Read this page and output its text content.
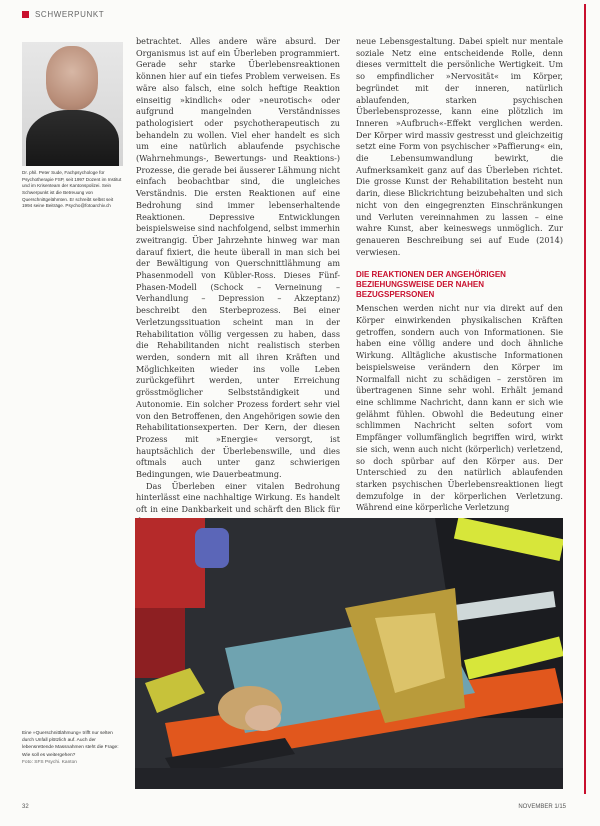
SCHWERPUNKT
Dr. phil. Peter Sude, Fachpsychologe für Psychotherapie FSP, seit 1997 Dozent im Institut und im Krisenteam der Kantonspolizei. Sein Schwerpunkt ist die Betreuung von Querschnittgelähmten. Er schreibt selbst seit 1994 seine Beiträge. Psycho@fotoarchiv.ch

betrachtet. Alles andere wäre absurd. Der Organismus ist auf ein Überleben programmiert. Gerade sehr starke Überlebensreaktionen können hier auf ein tiefes Problem verweisen. Es wäre also falsch, eine solch heftige Reaktion einseitig »kindlich« oder »neurotisch« oder aufgrund mangelnden Verständnisses pathologisiert oder psychotherapeutisch zu behandeln zu wollen. Viel eher handelt es sich um eine natürlich ablaufende psychische (Wahrnehmungs-, Bewertungs- und Reaktions-) Prozesse, die gerade bei äusserer Lähmung nicht einfach beobachtbar sind, die ungleiches Verständnis. Die ersten Reaktionen auf eine Bedrohung sind immer lebenserhaltende Reaktionen. Depressive Entwicklungen beispielsweise sind nachfolgend, selbst immerhin zweitrangig. Über Jahrzehnte hinweg war man darauf fixiert, die heute überall in man sich bei der Bewältigung von Querschnittlähmung am Phasenmodell von Kübler-Ross. Dieses Fünf-Phasen-Modell (Schock – Verneinung – Verhandlung – Depression – Akzeptanz) beschreibt den Sterbeprozess. Bei einer Verletzungssituation scheint man in der Rehabilitation völlig vergessen zu haben, dass die Rehabilitanden nicht realistisch sterben werden, sondern mit all ihren Kräften und Möglichkeiten wieder ins volle Leben zurückgeführt werden, unter Erreichung grösstmöglicher Selbstständigkeit und Autonomie. Ein solcher Prozess fordert sehr viel von den Betroffenen, den Angehörigen sowie den Rehabilitationsexperten. Der Kern, der diesen Prozess mit »Energie« versorgt, ist hauptsächlich der Überlebenswille, und dies oftmals auch unter ganz schwierigen Bedingungen, wie Dauerbeatmung.

Das Überleben einer vitalen Bedrohung hinterlässt eine nachhaltige Wirkung. Es handelt oft in eine Dankbarkeit und schärft den Blick für

neue Lebensgestaltung. Dabei spielt nur mentale soziale Netz eine entscheidende Rolle, denn dieses vermittelt die persönliche Wertigkeit. Um so empfindlicher »Nervosität« im Körper, begründet mit der inneren, natürlich ablaufenden, starken psychischen Überlebensprozesse, kann eine plötzlich im Inneren »Aufbruch«-Effekt verglichen werden. Der Körper wird massiv gestresst und gleichzeitig setzt eine Form von psychischer »Paffierung« ein, die Lebensumwandlung bewirkt, die Aufmerksamkeit ganz auf das Überleben richtet. Die grosse Kunst der Rehabilitation besteht nun darin, diese Blickrichtung beizubehalten und sich nicht von den eingegrenzten Einschränkungen und Verluten vereinnahmen zu lassen – eine wahre Kunst, aber keineswegs unmöglich. Zur genaueren Beschreibung sei auf Eude (2014) verwiesen.

DIE REAKTIONEN DER ANGEHÖRIGEN BEZIEHUNGSWEISE DER NAHEN BEZUGSPERSONEN

Menschen werden nicht nur via direkt auf den Körper einwirkenden physikalischen Kräften getroffen, sondern auch von Informationen. Sie haben eine völlig andere und doch ähnliche Wirkung. Alltägliche akustische Informationen beispielsweise verändern den Körper im Normalfall nicht zu schädigen – zerstören im übertragenen Sinne sehr wohl. Erhält jemand eine schlimme Nachricht, dann kann er sich wie gelähmt fühlen. Obwohl die Bedeutung einer schlimmen Nachricht selten sofort vom Empfänger vollumfänglich begriffen wird, wirkt sie sich, wenn auch nicht (körperlich) verletzend, so doch spürbar auf den Körper aus. Der Unterschied zu den natürlich ablaufenden starken psychischen Überlebensreaktionen liegt demzufolge in der körperlichen Verletzung. Während eine körperliche Verletzung

Eine »Querschnittlähmung« trifft nur selten durch Unfall plötzlich auf. Auch der lebensrettende Massnahmen steht die Frage: Wie soll es weitergehen?
Foto: SFS Psychi. Kanton
32	NOVEMBER 1/15
